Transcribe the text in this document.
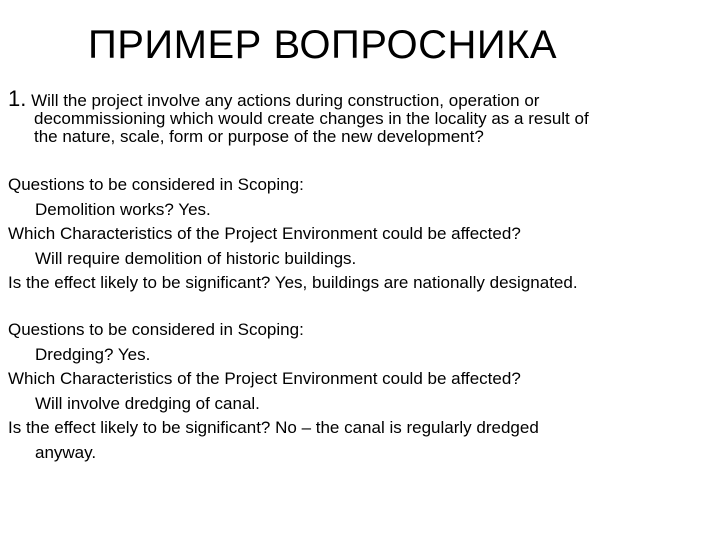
ПРИМЕР ВОПРОСНИКА
1. Will the project involve any actions during construction, operation or
decommissioning which would create changes in the locality as a result of
the nature, scale, form or purpose of the new development?
Questions to be considered in Scoping:
Demolition works? Yes.
Which Characteristics of the Project Environment could be affected?
Will require demolition of historic buildings.
Is the effect likely to be significant? Yes, buildings are nationally designated.
Questions to be considered in Scoping:
Dredging? Yes.
Which Characteristics of the Project Environment could be affected?
Will involve dredging of canal.
Is the effect likely to be significant? No – the canal is regularly dredged
anyway.
